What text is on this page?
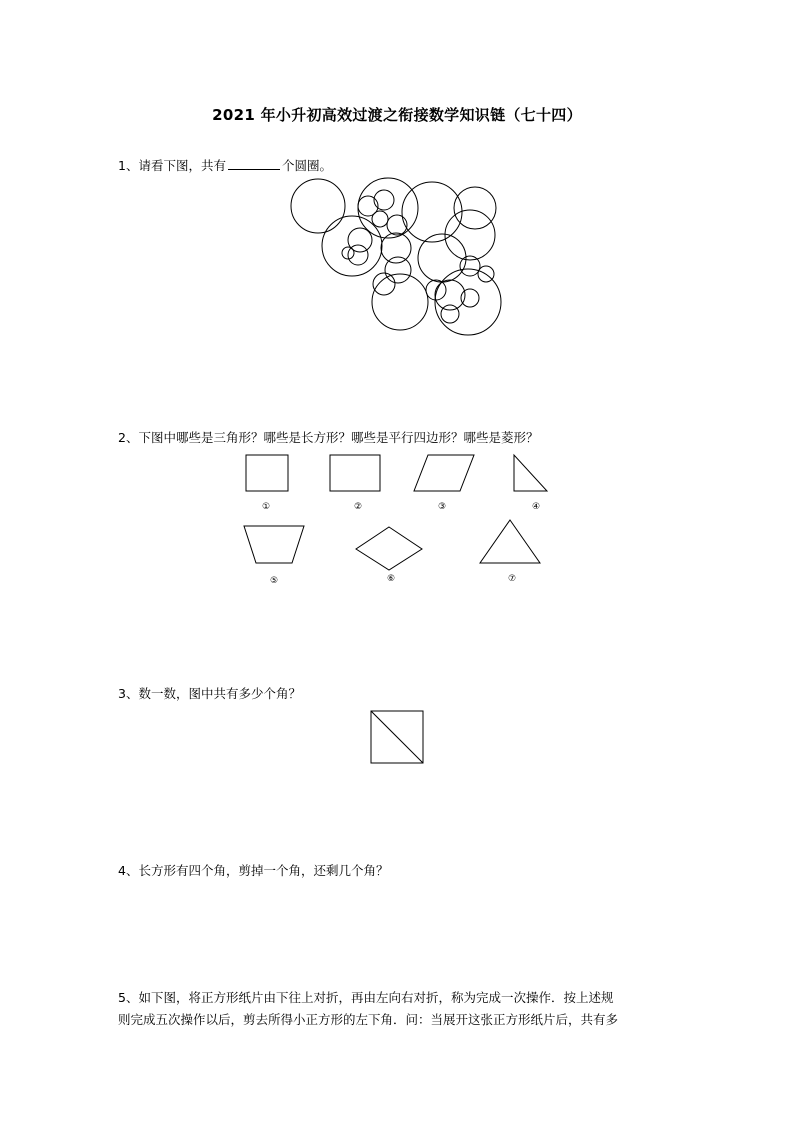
2021 年小升初高效过渡之衔接数学知识链（七十四）
1、请看下图，共有	个圆圈。
2、下图中哪些是三角形？哪些是长方形？哪些是平行四边形？哪些是菱形？
①	②	③	④
⑤	⑥	⑦
3、数一数，图中共有多少个角？
4、长方形有四个角，剪掉一个角，还剩几个角？
5、如下图，将正方形纸片由下往上对折，再由左向右对折，称为完成一次操作．按上述规
则完成五次操作以后，剪去所得小正方形的左下角．问：当展开这张正方形纸片后，共有多
